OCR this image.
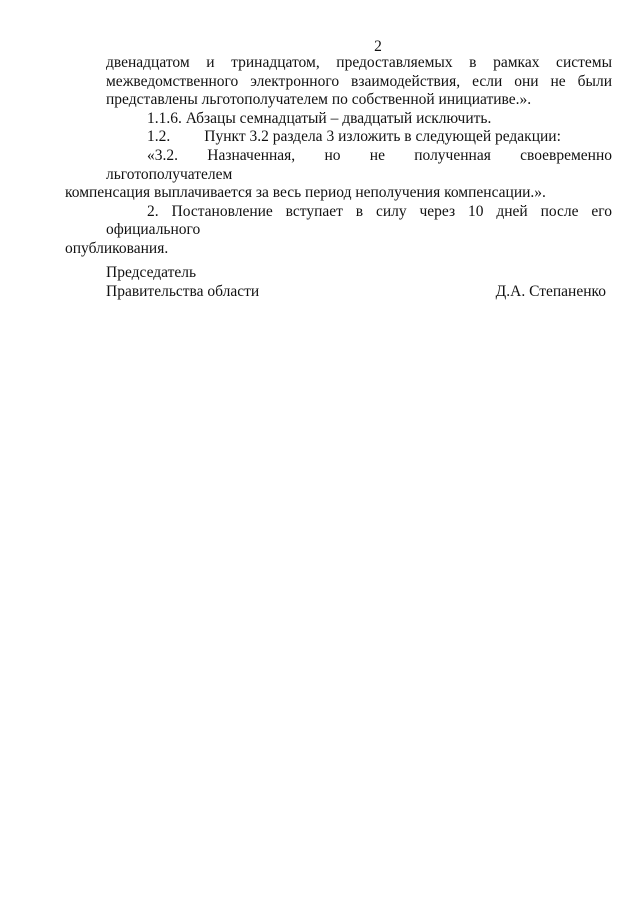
2

двенадцатом и тринадцатом, предоставляемых в рамках системы
межведомственного электронного взаимодействия, если они не были
представлены льготополучателем по собственной инициативе.».

1.1.6. Абзацы семнадцатый – двадцатый исключить.

1.2. Пункт 3.2 раздела 3 изложить в следующей редакции:

«3.2. Назначенная, но не полученная своевременно льготополучателем
компенсация выплачивается за весь период неполучения компенсации.».

2. Постановление вступает в силу через 10 дней после его официального
опубликования.

Председатель
Правительства области	Д.А. Степаненко
